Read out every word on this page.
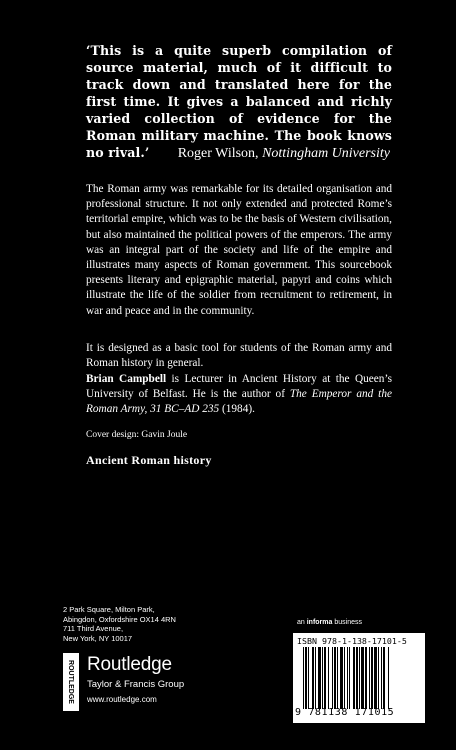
‘This is a quite superb compilation of source material, much of it difficult to track down and translated here for the first time. It gives a balanced and richly varied collection of evidence for the Roman military machine. The book knows no rival.’	Roger Wilson, Nottingham University
The Roman army was remarkable for its detailed organisation and professional structure. It not only extended and protected Rome’s territorial empire, which was to be the basis of Western civilisation, but also maintained the political powers of the emperors. The army was an integral part of the society and life of the empire and illustrates many aspects of Roman government. This sourcebook presents literary and epigraphic material, papyri and coins which illustrate the life of the soldier from recruitment to retirement, in war and peace and in the community.
It is designed as a basic tool for students of the Roman army and Roman history in general.
Brian Campbell is Lecturer in Ancient History at the Queen’s University of Belfast. He is the author of The Emperor and the Roman Army, 31 BC–AD 235 (1984).
Cover design: Gavin Joule
Ancient Roman history
2 Park Square, Milton Park,
Abingdon, Oxfordshire OX14 4RN
711 Third Avenue,
New York, NY 10017
ROUTLEDGE Routledge
Taylor & Francis Group
www.routledge.com
an informa business
ISBN 978-1-138-17101-5
9 781138 171015
